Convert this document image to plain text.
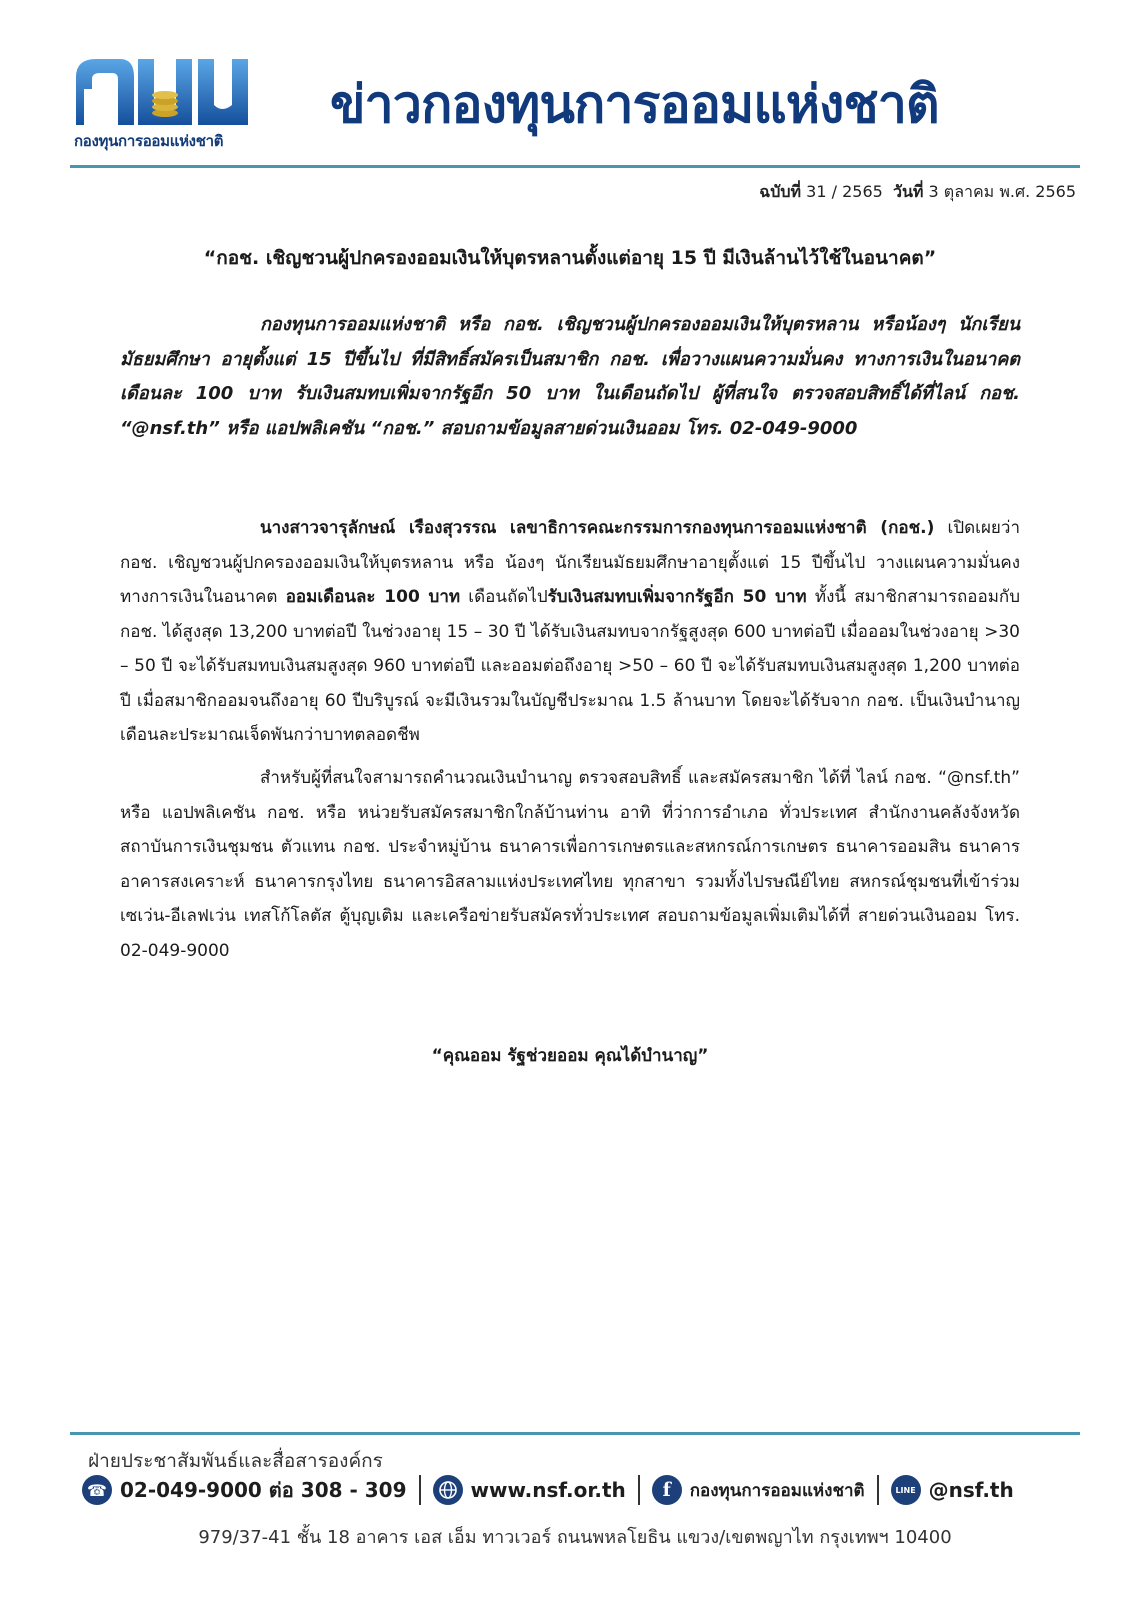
กองทุนการออมแห่งชาติ
ข่าวกองทุนการออมแห่งชาติ
ฉบับที่ 31 / 2565 วันที่ 3 ตุลาคม พ.ศ. 2565
“กอช. เชิญชวนผู้ปกครองออมเงินให้บุตรหลานตั้งแต่อายุ 15 ปี มีเงินล้านไว้ใช้ในอนาคต”
กองทุนการออมแห่งชาติ หรือ กอช. เชิญชวนผู้ปกครองออมเงินให้บุตรหลาน หรือน้องๆ นักเรียนมัธยมศึกษา อายุตั้งแต่ 15 ปีขึ้นไป ที่มีสิทธิ์สมัครเป็นสมาชิก กอช. เพื่อวางแผนความมั่นคง ทางการเงินในอนาคต เดือนละ 100 บาท รับเงินสมทบเพิ่มจากรัฐอีก 50 บาท ในเดือนถัดไป ผู้ที่สนใจ ตรวจสอบสิทธิ์ได้ที่ไลน์ กอช. “@nsf.th” หรือ แอปพลิเคชัน “กอช.” สอบถามข้อมูลสายด่วนเงินออม โทร. 02-049-9000
นางสาวจารุลักษณ์ เรืองสุวรรณ เลขาธิการคณะกรรมการกองทุนการออมแห่งชาติ (กอช.) เปิดเผยว่า กอช. เชิญชวนผู้ปกครองออมเงินให้บุตรหลาน หรือ น้องๆ นักเรียนมัธยมศึกษาอายุตั้งแต่ 15 ปีขึ้นไป วางแผนความมั่นคงทางการเงินในอนาคต ออมเดือนละ 100 บาท เดือนถัดไปรับเงินสมทบเพิ่มจากรัฐอีก 50 บาท ทั้งนี้ สมาชิกสามารถออมกับ กอช. ได้สูงสุด 13,200 บาทต่อปี ในช่วงอายุ 15 – 30 ปี ได้รับเงินสมทบจากรัฐสูงสุด 600 บาทต่อปี เมื่อออมในช่วงอายุ >30 – 50 ปี จะได้รับสมทบเงินสมสูงสุด 960 บาทต่อปี และออมต่อถึงอายุ >50 – 60 ปี จะได้รับสมทบเงินสมสูงสุด 1,200 บาทต่อปี เมื่อสมาชิกออมจนถึงอายุ 60 ปีบริบูรณ์ จะมีเงินรวมในบัญชีประมาณ 1.5 ล้านบาท โดยจะได้รับจาก กอช. เป็นเงินบำนาญเดือนละประมาณเจ็ดพันกว่าบาทตลอดชีพ
สำหรับผู้ที่สนใจสามารถคำนวณเงินบำนาญ ตรวจสอบสิทธิ์ และสมัครสมาชิก ได้ที่ ไลน์ กอช. “@nsf.th” หรือ แอปพลิเคชัน กอช. หรือ หน่วยรับสมัครสมาชิกใกล้บ้านท่าน อาทิ ที่ว่าการอำเภอ ทั่วประเทศ สำนักงานคลังจังหวัด สถาบันการเงินชุมชน ตัวแทน กอช. ประจำหมู่บ้าน ธนาคารเพื่อการเกษตรและสหกรณ์การเกษตร ธนาคารออมสิน ธนาคารอาคารสงเคราะห์ ธนาคารกรุงไทย ธนาคารอิสลามแห่งประเทศไทย ทุกสาขา รวมทั้งไปรษณีย์ไทย สหกรณ์ชุมชนที่เข้าร่วม เซเว่น-อีเลฟเว่น เทสโก้โลตัส ตู้บุญเติม และเครือข่ายรับสมัครทั่วประเทศ สอบถามข้อมูลเพิ่มเติมได้ที่ สายด่วนเงินออม โทร. 02-049-9000
“คุณออม รัฐช่วยออม คุณได้บำนาญ”
ฝ่ายประชาสัมพันธ์และสื่อสารองค์กร
☎ 02-049-9000 ต่อ 308 - 309	www.nsf.or.th	f	กองทุนการออมแห่งชาติ	LINE @nsf.th
979/37-41 ชั้น 18 อาคาร เอส เอ็ม ทาวเวอร์ ถนนพหลโยธิน แขวง/เขตพญาไท กรุงเทพฯ 10400
